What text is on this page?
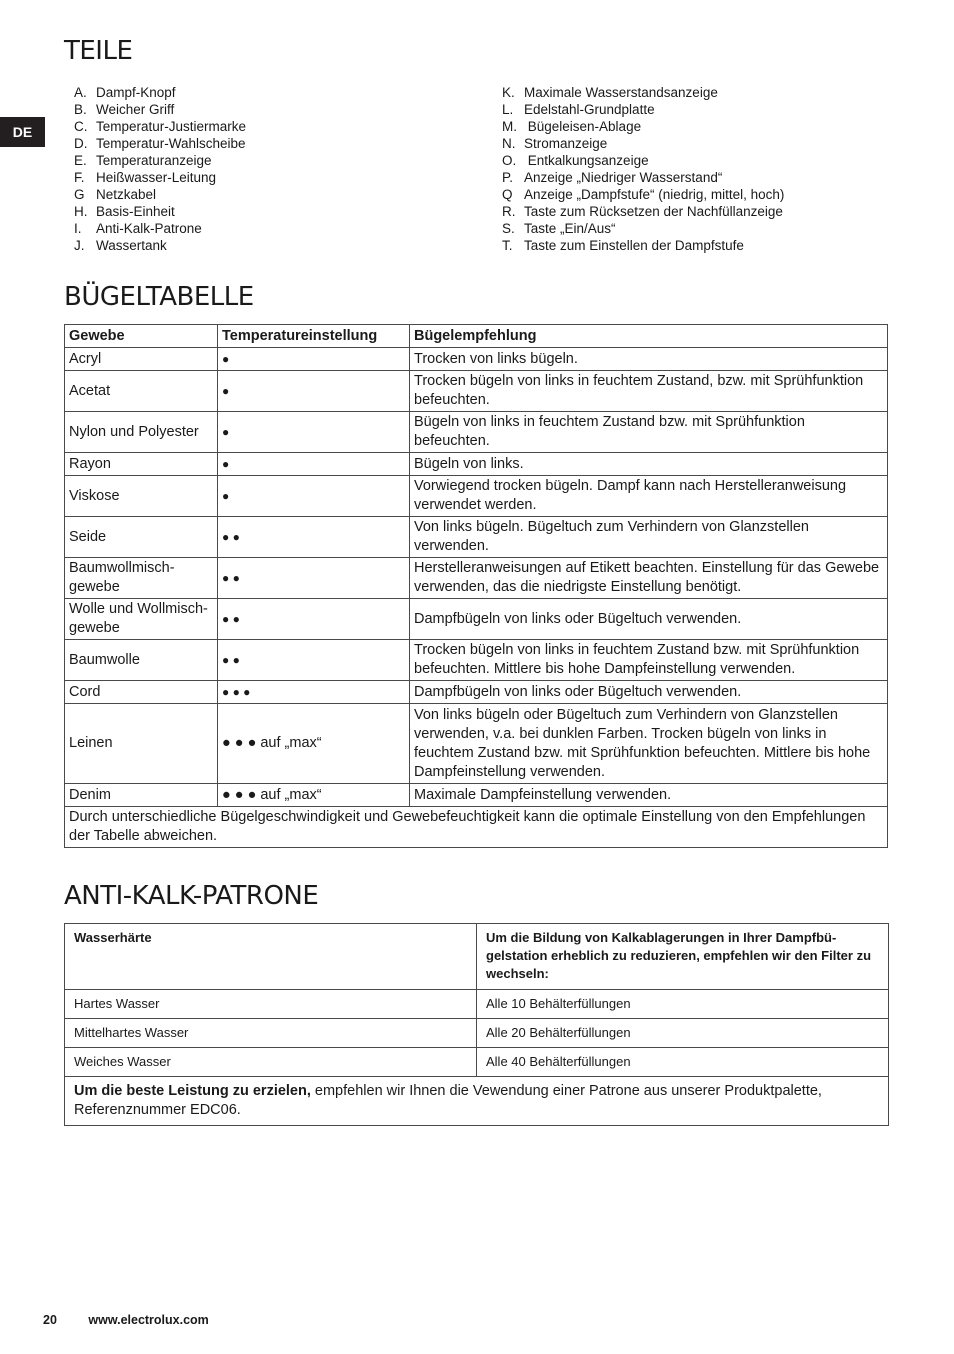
TEILE
DE
A. Dampf-Knopf
B. Weicher Griff
C. Temperatur-Justiermarke
D. Temperatur-Wahlscheibe
E. Temperaturanzeige
F. Heißwasser-Leitung
G Netzkabel
H. Basis-Einheit
I. Anti-Kalk-Patrone
J. Wassertank
K. Maximale Wasserstandsanzeige
L. Edelstahl-Grundplatte
M. Bügeleisen-Ablage
N. Stromanzeige
O. Entkalkungsanzeige
P. Anzeige „Niedriger Wasserstand“
Q Anzeige „Dampfstufe“ (niedrig, mittel, hoch)
R. Taste zum Rücksetzen der Nachfüllanzeige
S. Taste „Ein/Aus“
T. Taste zum Einstellen der Dampfstufe
BÜGELTABELLE
Gewebe	Temperatureinstellung	Bügelempfehlung
Acryl	●	Trocken von links bügeln.
Acetat	●	Trocken bügeln von links in feuchtem Zustand, bzw. mit Sprühfunktion befeuchten.
Nylon und Polyester	●	Bügeln von links in feuchtem Zustand bzw. mit Sprühfunktion befeuchten.
Rayon	●	Bügeln von links.
Viskose	●	Vorwiegend trocken bügeln. Dampf kann nach Herstelleranweisung verwendet werden.
Seide	● ●	Von links bügeln. Bügeltuch zum Verhindern von Glanzstellen verwenden.
Baumwollmisch-gewebe	● ●	Herstelleranweisungen auf Etikett beachten. Einstellung für das Gewebe verwenden, das die niedrigste Einstellung benötigt.
Wolle und Wollmisch-gewebe	● ●	Dampfbügeln von links oder Bügeltuch verwenden.
Baumwolle	● ●	Trocken bügeln von links in feuchtem Zustand bzw. mit Sprühfunktion befeuchten. Mittlere bis hohe Dampfeinstellung verwenden.
Cord	● ● ●	Dampfbügeln von links oder Bügeltuch verwenden.
Leinen	● ● ● auf „max“	Von links bügeln oder Bügeltuch zum Verhindern von Glanzstellen verwenden, v.a. bei dunklen Farben. Trocken bügeln von links in feuchtem Zustand bzw. mit Sprühfunktion befeuchten. Mittlere bis hohe Dampfeinstellung verwenden.
Denim	● ● ● auf „max“	Maximale Dampfeinstellung verwenden.
Durch unterschiedliche Bügelgeschwindigkeit und Gewebefeuchtigkeit kann die optimale Einstellung von den Empfehlungen der Tabelle abweichen.		
ANTI-KALK-PATRONE
Wasserhärte	Um die Bildung von Kalkablagerungen in Ihrer Dampfbü-gelstation erheblich zu reduzieren, empfehlen wir den Filter zu wechseln:
Hartes Wasser	Alle 10 Behälterfüllungen
Mittelhartes Wasser	Alle 20 Behälterfüllungen
Weiches Wasser	Alle 40 Behälterfüllungen
Um die beste Leistung zu erzielen, empfehlen wir Ihnen die Vewendung einer Patrone aus unserer Produktpalette, Referenznummer EDC06.	
20	www.electrolux.com
